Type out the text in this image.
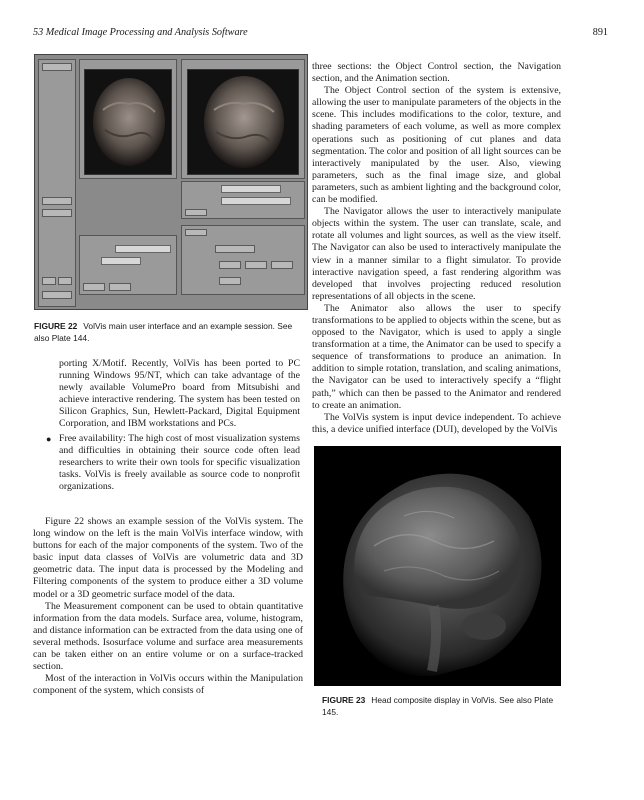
53 Medical Image Processing and Analysis Software	891
FIGURE 22 VolVis main user interface and an example session. See also Plate 144.

porting X/Motif. Recently, VolVis has been ported to PC running Windows 95/NT, which can take advantage of the newly available VolumePro board from Mitsubishi and achieve interactive rendering. The system has been tested on Silicon Graphics, Sun, Hewlett-Packard, Digital Equipment Corporation, and IBM workstations and PCs.

● Free availability: The high cost of most visualization systems and difficulties in obtaining their source code often lead researchers to write their own tools for specific visualization tasks. VolVis is freely available as source code to nonprofit organizations.

Figure 22 shows an example session of the VolVis system. The long window on the left is the main VolVis interface window, with buttons for each of the major components of the system. Two of the basic input data classes of VolVis are volumetric data and 3D geometric data. The input data is processed by the Modeling and Filtering components of the system to produce either a 3D volume model or a 3D geometric surface model of the data.

The Measurement component can be used to obtain quantitative information from the data models. Surface area, volume, histogram, and distance information can be extracted from the data using one of several methods. Isosurface volume and surface area measurements can be taken either on an entire volume or on a surface-tracked section.

Most of the interaction in VolVis occurs within the Manipulation component of the system, which consists of

three sections: the Object Control section, the Navigation section, and the Animation section.

The Object Control section of the system is extensive, allowing the user to manipulate parameters of the objects in the scene. This includes modifications to the color, texture, and shading parameters of each volume, as well as more complex operations such as positioning of cut planes and data segmentation. The color and position of all light sources can be interactively manipulated by the user. Also, viewing parameters, such as the final image size, and global parameters, such as ambient lighting and the background color, can be modified.

The Navigator allows the user to interactively manipulate objects within the system. The user can translate, scale, and rotate all volumes and light sources, as well as the view itself. The Navigator can also be used to interactively manipulate the view in a manner similar to a flight simulator. To provide interactive navigation speed, a fast rendering algorithm was developed that involves projecting reduced resolution representations of all objects in the scene.

The Animator also allows the user to specify transformations to be applied to objects within the scene, but as opposed to the Navigator, which is used to apply a single transformation at a time, the Animator can be used to specify a sequence of transformations to produce an animation. In addition to simple rotation, translation, and scaling animations, the Navigator can be used to interactively specify a “flight path,” which can then be passed to the Animator and rendered to create an animation.

The VolVis system is input device independent. To achieve this, a device unified interface (DUI), developed by the VolVis

FIGURE 23 Head composite display in VolVis. See also Plate 145.
